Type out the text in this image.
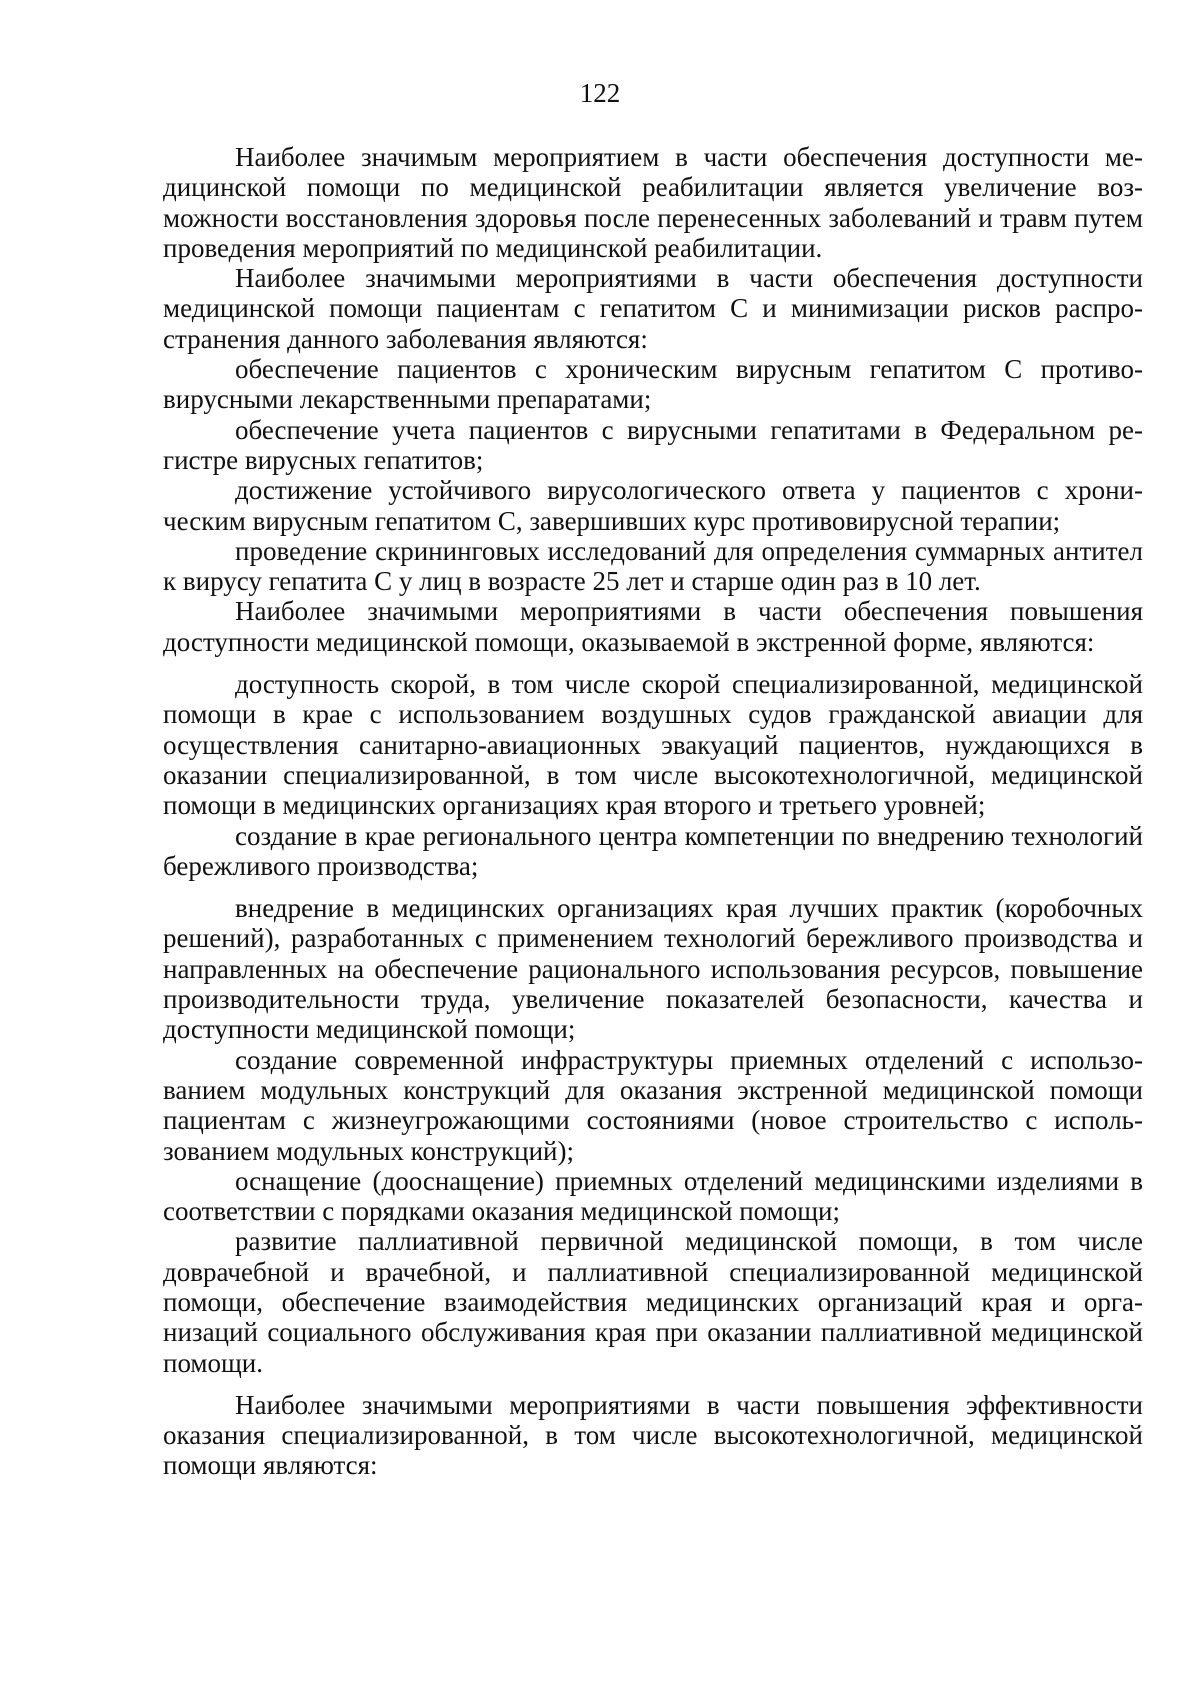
122

Наиболее значимым мероприятием в части обеспечения доступности медицинской помощи по медицинской реабилитации является увеличение возможности восстановления здоровья после перенесенных заболеваний и травм путем проведения мероприятий по медицинской реабилитации.

Наиболее значимыми мероприятиями в части обеспечения доступности медицинской помощи пациентам с гепатитом С и минимизации рисков распространения данного заболевания являются:

обеспечение пациентов с хроническим вирусным гепатитом С противовирусными лекарственными препаратами;

обеспечение учета пациентов с вирусными гепатитами в Федеральном регистре вирусных гепатитов;

достижение устойчивого вирусологического ответа у пациентов с хроническим вирусным гепатитом С, завершивших курс противовирусной терапии;

проведение скрининговых исследований для определения суммарных антител к вирусу гепатита С у лиц в возрасте 25 лет и старше один раз в 10 лет.

Наиболее значимыми мероприятиями в части обеспечения повышения доступности медицинской помощи, оказываемой в экстренной форме, являются:

доступность скорой, в том числе скорой специализированной, медицинской помощи в крае с использованием воздушных судов гражданской авиации для осуществления санитарно-авиационных эвакуаций пациентов, нуждающихся в оказании специализированной, в том числе высокотехнологичной, медицинской помощи в медицинских организациях края второго и третьего уровней;

создание в крае регионального центра компетенции по внедрению технологий бережливого производства;

внедрение в медицинских организациях края лучших практик (коробочных решений), разработанных с применением технологий бережливого производства и направленных на обеспечение рационального использования ресурсов, повышение производительности труда, увеличение показателей безопасности, качества и доступности медицинской помощи;

создание современной инфраструктуры приемных отделений с использованием модульных конструкций для оказания экстренной медицинской помощи пациентам с жизнеугрожающими состояниями (новое строительство с использованием модульных конструкций);

оснащение (дооснащение) приемных отделений медицинскими изделиями в соответствии с порядками оказания медицинской помощи;

развитие паллиативной первичной медицинской помощи, в том числе доврачебной и врачебной, и паллиативной специализированной медицинской помощи, обеспечение взаимодействия медицинских организаций края и организаций социального обслуживания края при оказании паллиативной медицинской помощи.

Наиболее значимыми мероприятиями в части повышения эффективности оказания специализированной, в том числе высокотехнологичной, медицинской помощи являются:
